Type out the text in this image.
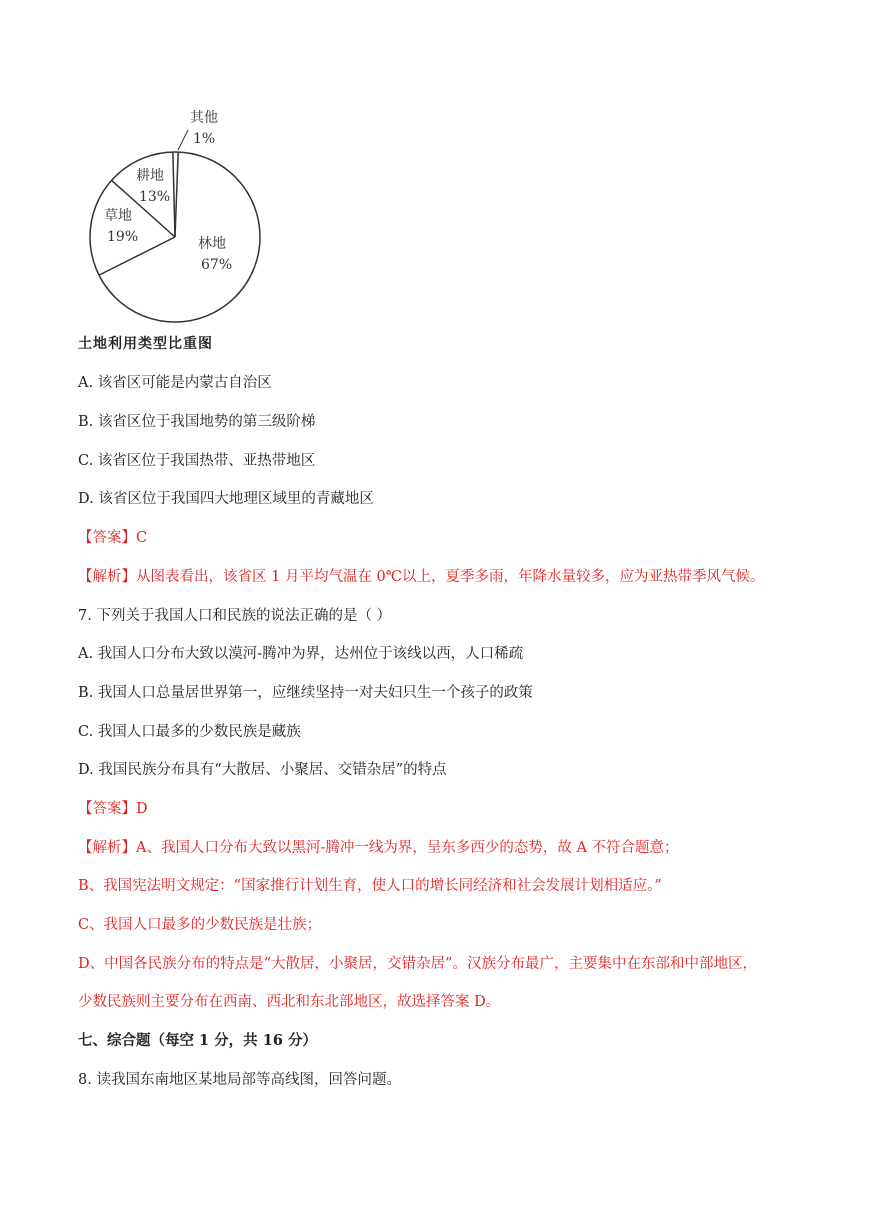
林地 67%
草地 19%
耕地 13%
其他 1%
土地利用类型比重图
A. 该省区可能是内蒙古自治区
B. 该省区位于我国地势的第三级阶梯
C. 该省区位于我国热带、亚热带地区
D. 该省区位于我国四大地理区域里的青藏地区
【答案】C
【解析】从图表看出，该省区 1 月平均气温在 0℃以上，夏季多雨，年降水量较多，应为亚热带季风气候。
7. 下列关于我国人口和民族的说法正确的是（ ）
A. 我国人口分布大致以漠河-腾冲为界，达州位于该线以西，人口稀疏
B. 我国人口总量居世界第一，应继续坚持一对夫妇只生一个孩子的政策
C. 我国人口最多的少数民族是藏族
D. 我国民族分布具有“大散居、小聚居、交错杂居”的特点
【答案】D
【解析】A、我国人口分布大致以黑河-腾冲一线为界，呈东多西少的态势，故 A 不符合题意；
B、我国宪法明文规定：“国家推行计划生育，使人口的增长同经济和社会发展计划相适应。”
C、我国人口最多的少数民族是壮族；
D、中国各民族分布的特点是“大散居，小聚居，交错杂居”。汉族分布最广，主要集中在东部和中部地区，
少数民族则主要分布在西南、西北和东北部地区，故选择答案 D。
七、综合题（每空 1 分，共 16 分）
8. 读我国东南地区某地局部等高线图，回答问题。
